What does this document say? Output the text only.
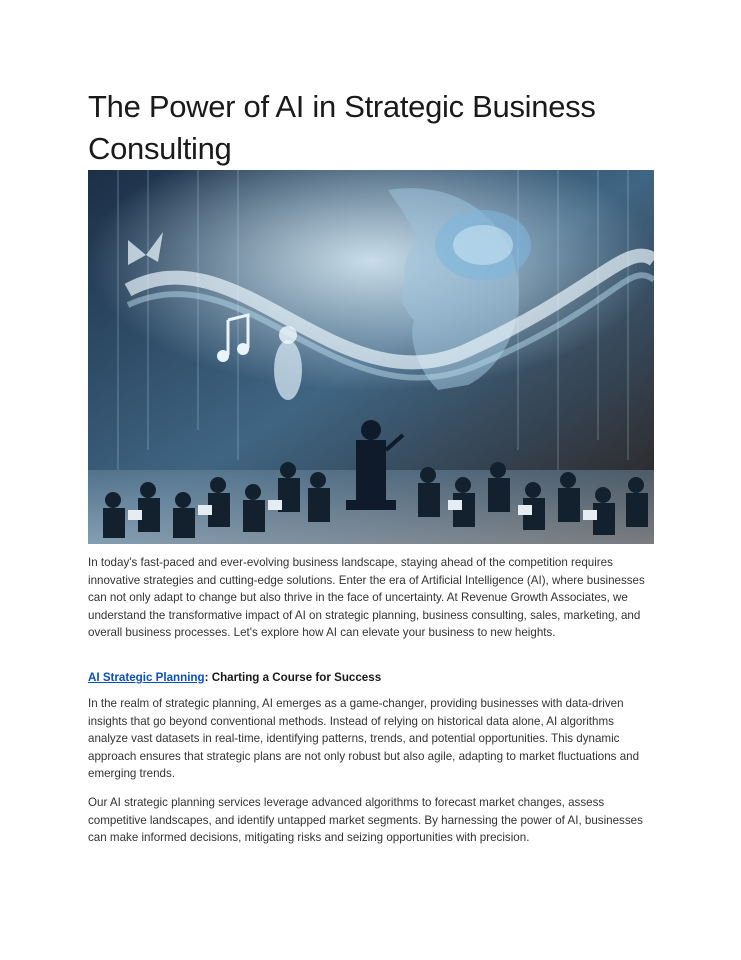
The Power of AI in Strategic Business Consulting

In today's fast-paced and ever-evolving business landscape, staying ahead of the competition requires innovative strategies and cutting-edge solutions. Enter the era of Artificial Intelligence (AI), where businesses can not only adapt to change but also thrive in the face of uncertainty. At Revenue Growth Associates, we understand the transformative impact of AI on strategic planning, business consulting, sales, marketing, and overall business processes. Let's explore how AI can elevate your business to new heights.

AI Strategic Planning: Charting a Course for Success

In the realm of strategic planning, AI emerges as a game-changer, providing businesses with data-driven insights that go beyond conventional methods. Instead of relying on historical data alone, AI algorithms analyze vast datasets in real-time, identifying patterns, trends, and potential opportunities. This dynamic approach ensures that strategic plans are not only robust but also agile, adapting to market fluctuations and emerging trends.

Our AI strategic planning services leverage advanced algorithms to forecast market changes, assess competitive landscapes, and identify untapped market segments. By harnessing the power of AI, businesses can make informed decisions, mitigating risks and seizing opportunities with precision.
